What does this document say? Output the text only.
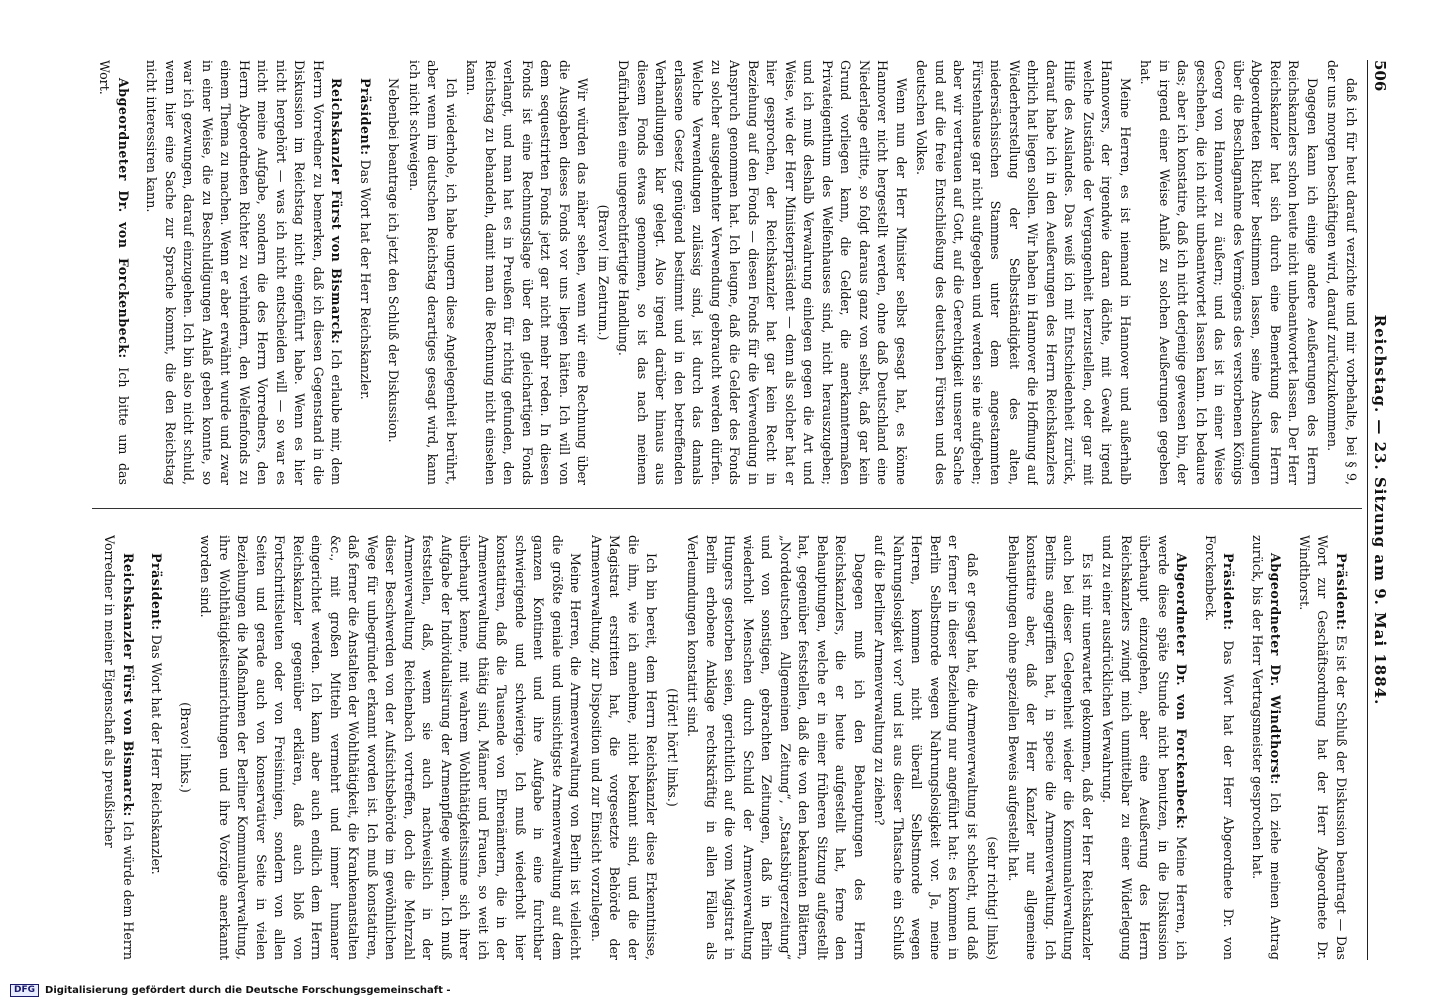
506
Reichstag. — 23. Sitzung am 9. Mai 1884.

daß ich für heut darauf verzichte und mir vorbehalte, bei § 9, der uns morgen beschäftigen wird, darauf zurückzukommen.

Dagegen kann ich einige andere Aeußerungen des Herrn Reichskanzlers schon heute nicht unbeantwortet lassen. Der Herr Reichskanzler hat sich durch eine Bemerkung des Herrn Abgeordneten Richter bestimmen lassen, seine Anschauungen über die Beschlagnahme des Vermögens des verstorbenen Königs Georg von Hannover zu äußern; und das ist in einer Weise geschehen, die ich nicht unbeantwortet lassen kann. Ich bedaure das; aber ich konstatire, daß ich nicht derjenige gewesen bin, der in irgend einer Weise Anlaß zu solchen Aeußerungen gegeben hat.

Meine Herren, es ist niemand in Hannover und außerhalb Hannovers, der irgendwie daran dächte, mit Gewalt irgend welche Zustände der Vergangenheit herzustellen, oder gar mit Hilfe des Auslandes. Das weiß ich mit Entschiedenheit zurück, darauf habe ich in den Aeußerungen des Herrn Reichskanzlers ehrlich hat liegen sollen. Wir haben in Hannover die Hoffnung auf Wiederherstellung der Selbstständigkeit des alten, niedersächsischen Stammes unter dem angestammten Fürstenhause gar nicht aufgegeben und werden sie nie aufgeben; aber wir vertrauen auf Gott, auf die Gerechtigkeit unserer Sache und auf die freie Entschließung des deutschen Fürsten und des deutschen Volkes.

Wenn nun der Herr Minister selbst gesagt hat, es könne Hannover nicht hergestellt werden, ohne daß Deutschland eine Niederlage erlitte, so folgt daraus ganz von selbst, daß gar kein Grund vorliegen kann, die Gelder, die anerkanntermaßen Privateigenthum des Welfenhauses sind, nicht herauszugeben; und ich muß deshalb Verwahrung einlegen gegen die Art und Weise, wie der Herr Ministerpräsident — denn als solcher hat er hier gesprochen, der Reichskanzler hat gar kein Recht in Beziehung auf den Fonds — diesen Fonds für die Verwendung in Anspruch genommen hat. Ich leugne, daß die Gelder des Fonds zu solcher ausgedehnter Verwendung gebraucht werden dürfen. Welche Verwendungen zulässig sind, ist durch das damals erlassene Gesetz genügend bestimmt und in den betreffenden Verhandlungen klar gelegt. Also irgend darüber hinaus aus diesem Fonds etwas genommen, so ist das nach meinem Dafürhalten eine ungerechtfertigte Handlung.

(Bravo! im Zentrum.)

Wir würden das näher sehen, wenn wir eine Rechnung über die Ausgaben dieses Fonds vor uns liegen hätten. Ich will von dem sequestrirten Fonds jetzt gar nicht mehr reden. In diesen Fonds ist eine Rechnungslage über den gleichartigen Fonds verlangt, und man hat es in Preußen für richtig gefunden, den Reichstag zu behandeln, damit man die Rechnung nicht einsehen kann.

Ich wiederhole, ich habe ungern diese Angelegenheit berührt, aber wenn im deutschen Reichstag derartiges gesagt wird, kann ich nicht schweigen.

Nebenbei beantrage ich jetzt den Schluß der Diskussion.

Präsident: Das Wort hat der Herr Reichskanzler.

Reichskanzler Fürst von Bismarck: Ich erlaube mir, dem Herrn Vorredner zu bemerken, daß ich diesen Gegenstand in die Diskussion im Reichstag nicht eingeführt habe. Wenn es hier nicht hergehört — was ich nicht entscheiden will — so war es nicht meine Aufgabe, sondern die des Herrn Vorredners, den Herrn Abgeordneten Richter zu verhindern, den Welfenfonds zu einem Thema zu machen. Wenn er aber erwähnt wurde und zwar in einer Weise, die zu Beschuldigungen Anlaß geben konnte, so war ich gezwungen, darauf einzugehen. Ich bin also nicht schuld, wenn hier eine Sache zur Sprache kommt, die den Reichstag nicht interessiren kann.

Abgeordneter Dr. von Forckenbeck: Ich bitte um das Wort.

Präsident: Es ist der Schluß der Diskussion beantragt — Das Wort zur Geschäftsordnung hat der Herr Abgeordnete Dr. Windthorst.

Abgeordneter Dr. Windthorst: Ich ziehe meinen Antrag zurück, bis der Herr Vertragsmeister gesprochen hat.

Präsident: Das Wort hat der Herr Abgeordnete Dr. von Forckenbeck.

Abgeordneter Dr. von Forckenbeck: Meine Herren, ich werde diese späte Stunde nicht benutzen, in die Diskussion überhaupt einzugehen, aber eine Aeußerung des Herrn Reichskanzlers zwingt mich unmittelbar zu einer Widerlegung und zu einer ausdrücklichen Verwahrung.

Es ist mir unerwartet gekommen, daß der Herr Reichskanzler auch bei dieser Gelegenheit wieder die Kommunalverwaltung Berlins angegriffen hat, in specie die Armenverwaltung. Ich konstatire aber, daß der Herr Kanzler nur allgemeine Behauptungen ohne speziellen Beweis aufgestellt hat.

(sehr richtig! links)

daß er gesagt hat, die Armenverwaltung ist schlecht, und daß er ferner in dieser Beziehung nur angeführt hat: es kommen in Berlin Selbstmorde wegen Nahrungslosigkeit vor. Ja, meine Herren, kommen nicht überall Selbstmorde wegen Nahrungslosigkeit vor? und ist aus dieser Thatsache ein Schluß auf die Berliner Armenverwaltung zu ziehen?

Dagegen muß ich den Behauptungen des Herrn Reichskanzlers, die er heute aufgestellt hat, ferne den Behauptungen, welche er in einer früheren Sitzung aufgestellt hat, gegenüber feststellen, daß die von den bekannten Blättern, „Norddeutschen Allgemeinen Zeitung“, „Staatsbürgerzeitung“ und von sonstigen, gebrachten Zeitungen, daß in Berlin wiederholt Menschen durch Schuld der Armenverwaltung Hungers gestorben seien, gerichtlich auf die vom Magistrat in Berlin erhobene Anklage rechtskräftig in allen Fällen als Verleumdungen konstatirt sind.

(Hört! hört! links.)

Ich bin bereit, dem Herrn Reichskanzler diese Erkenntnisse, die ihm, wie ich annehme, nicht bekannt sind, und die der Magistrat erstritten hat, die vorgesetzte Behörde der Armenverwaltung, zur Disposition und zur Einsicht vorzulegen.

Meine Herren, die Armenverwaltung von Berlin ist vielleicht die größte geniale und umsichtigste Armenverwaltung auf dem ganzen Kontinent und ihre Aufgabe in eine furchtbar schwierigende und schwierige. Ich muß wiederholt hier konstatiren, daß die Tausende von Ehrenämtern, die in der Armenverwaltung thätig sind, Männer und Frauen, so weit ich überhaupt kenne, mit wahrem Wohlthätigkeitssinne sich ihrer Aufgabe der Individualisirung der Armenpflege widmen. Ich muß feststellen, daß, wenn sie auch nachweislich in der Armenverwaltung Reichenbach vortreffen, doch die Mehrzahl dieser Beschwerden von der Aufsichtsbehörde im gewöhnlichen Wege für unbegründet erkannt worden ist. Ich muß konstatiren, daß ferner die Anstalten der Wohlthätigkeit, die Krankenanstalten &c., mit großen Mitteln vermehrt und immer humaner eingerichtet werden. Ich kann aber auch endlich dem Herrn Reichskanzler gegenüber erklären, daß auch bloß von Fortschrittsleuten oder von Freisinnigen, sondern von allen Seiten und gerade auch von konservativer Seite in vielen Beziehungen die Maßnahmen der Berliner Kommunalverwaltung, ihre Wohlthätigkeitseinrichtungen und ihre Vorzüge anerkannt worden sind.

(Bravo! links.)

Präsident: Das Wort hat der Herr Reichskanzler.

Reichskanzler Fürst von Bismarck: Ich würde dem Herrn Vorredner in meiner Eigenschaft als preußischer

DFG	Digitalisierung gefördert durch die Deutsche Forschungsgemeinschaft -
